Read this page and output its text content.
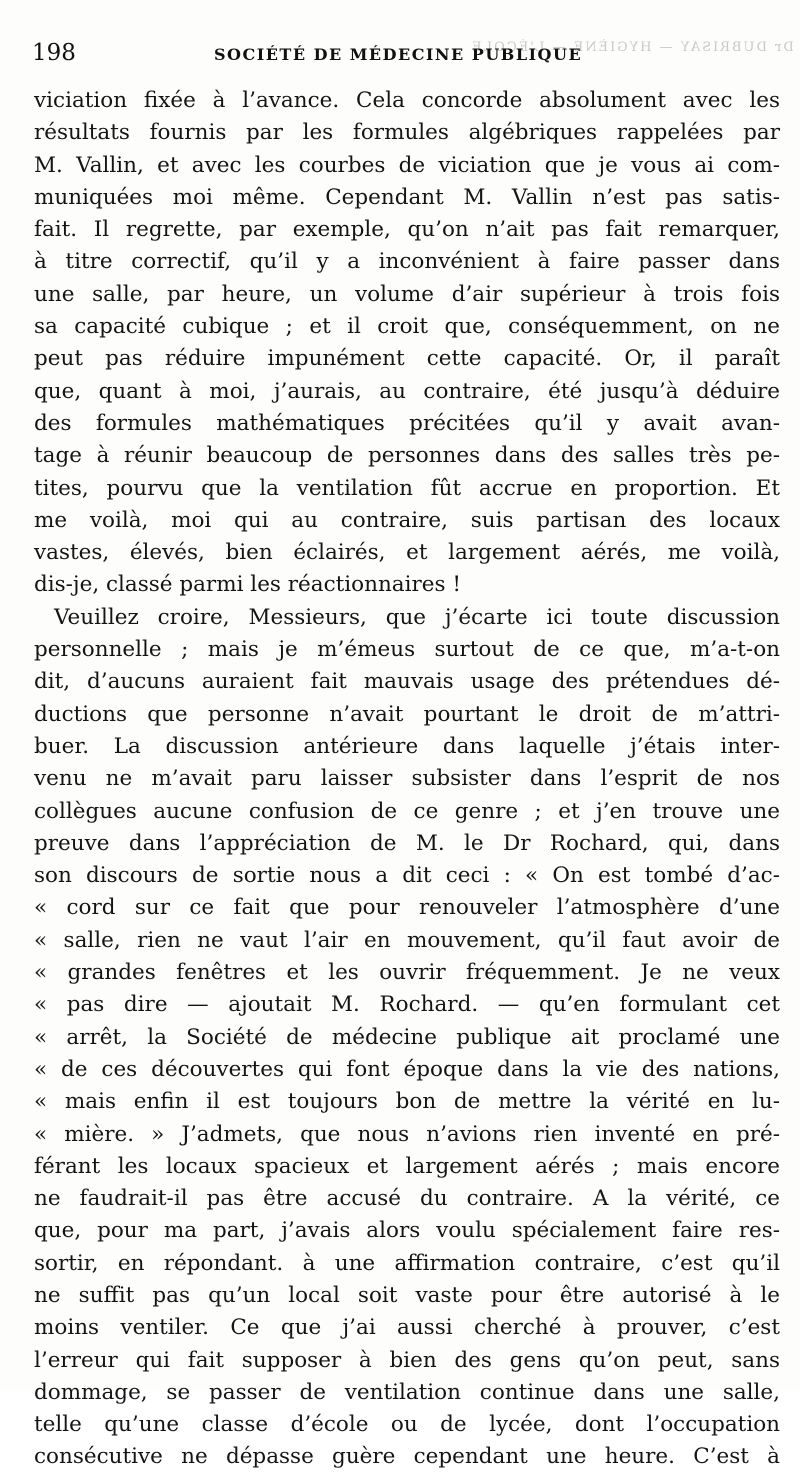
Dr DUBRISAY — HYGIÈNE — L'ÉCOLE
198	SOCIÉTÉ DE MÉDECINE PUBLIQUE
viciation fixée à l’avance. Cela concorde absolument avec les
résultats fournis par les formules algébriques rappelées par
M. Vallin, et avec les courbes de viciation que je vous ai com-
muniquées moi même. Cependant M. Vallin n’est pas satis-
fait. Il regrette, par exemple, qu’on n’ait pas fait remarquer,
à titre correctif, qu’il y a inconvénient à faire passer dans
une salle, par heure, un volume d’air supérieur à trois fois
sa capacité cubique ; et il croit que, conséquemment, on ne
peut pas réduire impunément cette capacité. Or, il paraît
que, quant à moi, j’aurais, au contraire, été jusqu’à déduire
des formules mathématiques précitées qu’il y avait avan-
tage à réunir beaucoup de personnes dans des salles très pe-
tites, pourvu que la ventilation fût accrue en proportion. Et
me voilà, moi qui au contraire, suis partisan des locaux
vastes, élevés, bien éclairés, et largement aérés, me voilà,
dis-je, classé parmi les réactionnaires !
Veuillez croire, Messieurs, que j’écarte ici toute discussion
personnelle ; mais je m’émeus surtout de ce que, m’a-t-on
dit, d’aucuns auraient fait mauvais usage des prétendues dé-
ductions que personne n’avait pourtant le droit de m’attri-
buer. La discussion antérieure dans laquelle j’étais inter-
venu ne m’avait paru laisser subsister dans l’esprit de nos
collègues aucune confusion de ce genre ; et j’en trouve une
preuve dans l’appréciation de M. le Dr Rochard, qui, dans
son discours de sortie nous a dit ceci : « On est tombé d’ac-
« cord sur ce fait que pour renouveler l’atmosphère d’une
« salle, rien ne vaut l’air en mouvement, qu’il faut avoir de
« grandes fenêtres et les ouvrir fréquemment. Je ne veux
« pas dire — ajoutait M. Rochard. — qu’en formulant cet
« arrêt, la Société de médecine publique ait proclamé une
« de ces découvertes qui font époque dans la vie des nations,
« mais enfin il est toujours bon de mettre la vérité en lu-
« mière. » J’admets, que nous n’avions rien inventé en pré-
férant les locaux spacieux et largement aérés ; mais encore
ne faudrait-il pas être accusé du contraire. A la vérité, ce
que, pour ma part, j’avais alors voulu spécialement faire res-
sortir, en répondant. à une affirmation contraire, c’est qu’il
ne suffit pas qu’un local soit vaste pour être autorisé à le
moins ventiler. Ce que j’ai aussi cherché à prouver, c’est
l’erreur qui fait supposer à bien des gens qu’on peut, sans
dommage, se passer de ventilation continue dans une salle,
telle qu’une classe d’école ou de lycée, dont l’occupation
consécutive ne dépasse guère cependant une heure. C’est à
